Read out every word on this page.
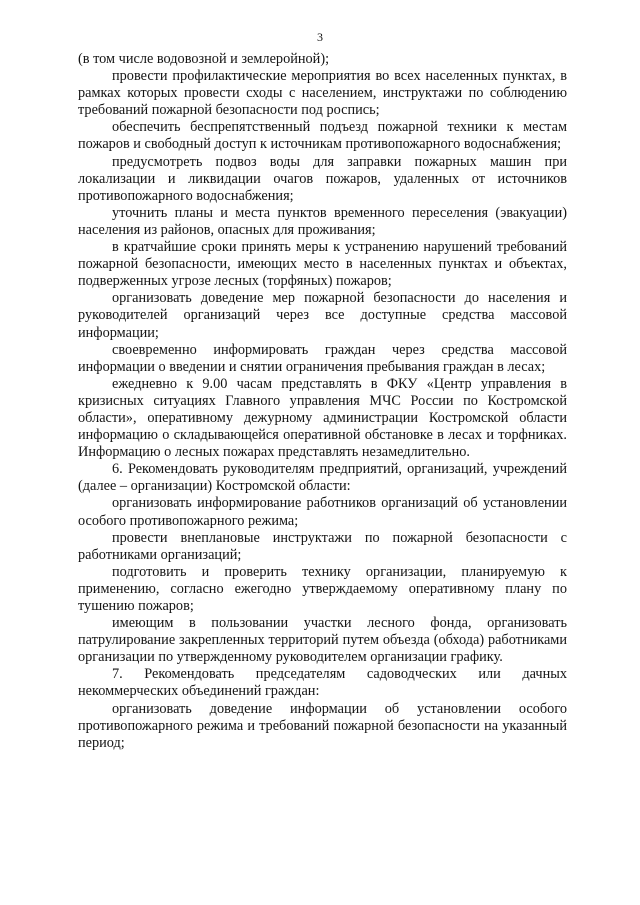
3

(в том числе водовозной и землеройной);

провести профилактические мероприятия во всех населенных пунктах, в рамках которых провести сходы с населением, инструктажи по соблюдению требований пожарной безопасности под роспись;

обеспечить беспрепятственный подъезд пожарной техники к местам пожаров и свободный доступ к источникам противопожарного водоснабжения;

предусмотреть подвоз воды для заправки пожарных машин при локализации и ликвидации очагов пожаров, удаленных от источников противопожарного водоснабжения;

уточнить планы и места пунктов временного переселения (эвакуации) населения из районов, опасных для проживания;

в кратчайшие сроки принять меры к устранению нарушений требований пожарной безопасности, имеющих место в населенных пунктах и объектах, подверженных угрозе лесных (торфяных) пожаров;

организовать доведение мер пожарной безопасности до населения и руководителей организаций через все доступные средства массовой информации;

своевременно информировать граждан через средства массовой информации о введении и снятии ограничения пребывания граждан в лесах;

ежедневно к 9.00 часам представлять в ФКУ «Центр управления в кризисных ситуациях Главного управления МЧС России по Костромской области», оперативному дежурному администрации Костромской области информацию о складывающейся оперативной обстановке в лесах и торфниках. Информацию о лесных пожарах представлять незамедлительно.

6. Рекомендовать руководителям предприятий, организаций, учреждений (далее – организации) Костромской области:

организовать информирование работников организаций об установлении особого противопожарного режима;

провести внеплановые инструктажи по пожарной безопасности с работниками организаций;

подготовить и проверить технику организации, планируемую к применению, согласно ежегодно утверждаемому оперативному плану по тушению пожаров;

имеющим в пользовании участки лесного фонда, организовать патрулирование закрепленных территорий путем объезда (обхода) работниками организации по утвержденному руководителем организации графику.

7. Рекомендовать председателям садоводческих или дачных некоммерческих объединений граждан:

организовать доведение информации об установлении особого противопожарного режима и требований пожарной безопасности на указанный период;
